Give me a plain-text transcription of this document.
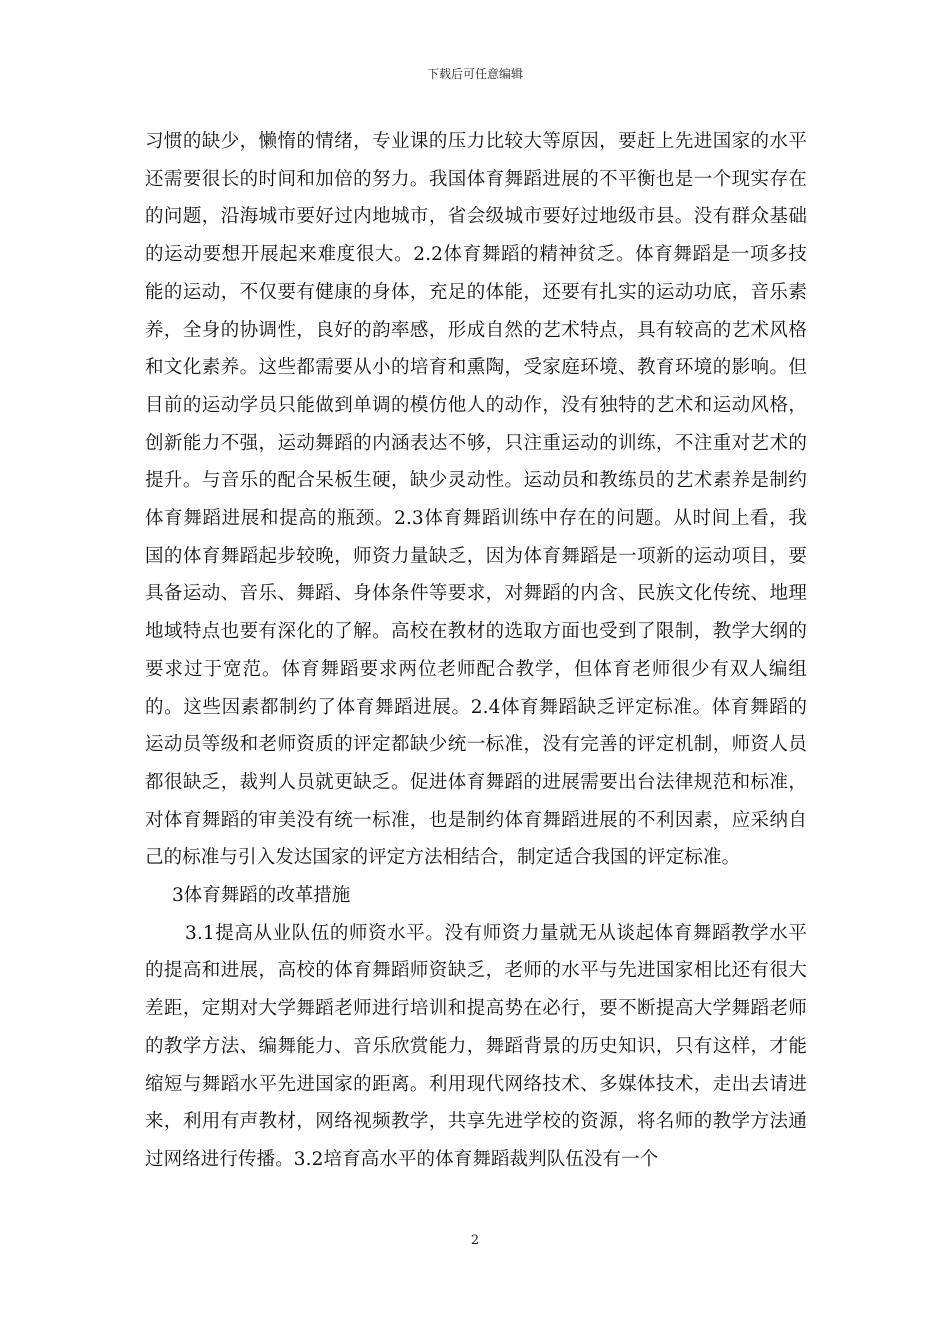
下载后可任意编辑

习惯的缺少，懒惰的情绪，专业课的压力比较大等原因，要赶上先进国家的水平还需要很长的时间和加倍的努力。我国体育舞蹈进展的不平衡也是一个现实存在的问题，沿海城市要好过内地城市，省会级城市要好过地级市县。没有群众基础的运动要想开展起来难度很大。2.2体育舞蹈的精神贫乏。体育舞蹈是一项多技能的运动，不仅要有健康的身体，充足的体能，还要有扎实的运动功底，音乐素养，全身的协调性，良好的韵率感，形成自然的艺术特点，具有较高的艺术风格和文化素养。这些都需要从小的培育和熏陶，受家庭环境、教育环境的影响。但目前的运动学员只能做到单调的模仿他人的动作，没有独特的艺术和运动风格，创新能力不强，运动舞蹈的内涵表达不够，只注重运动的训练，不注重对艺术的提升。与音乐的配合呆板生硬，缺少灵动性。运动员和教练员的艺术素养是制约体育舞蹈进展和提高的瓶颈。2.3体育舞蹈训练中存在的问题。从时间上看，我国的体育舞蹈起步较晚，师资力量缺乏，因为体育舞蹈是一项新的运动项目，要具备运动、音乐、舞蹈、身体条件等要求，对舞蹈的内含、民族文化传统、地理地域特点也要有深化的了解。高校在教材的选取方面也受到了限制，教学大纲的要求过于宽范。体育舞蹈要求两位老师配合教学，但体育老师很少有双人编组的。这些因素都制约了体育舞蹈进展。2.4体育舞蹈缺乏评定标准。体育舞蹈的运动员等级和老师资质的评定都缺少统一标准，没有完善的评定机制，师资人员都很缺乏，裁判人员就更缺乏。促进体育舞蹈的进展需要出台法律规范和标准，对体育舞蹈的审美没有统一标准，也是制约体育舞蹈进展的不利因素，应采纳自己的标准与引入发达国家的评定方法相结合，制定适合我国的评定标准。

3体育舞蹈的改革措施

3.1提高从业队伍的师资水平。没有师资力量就无从谈起体育舞蹈教学水平的提高和进展，高校的体育舞蹈师资缺乏，老师的水平与先进国家相比还有很大差距，定期对大学舞蹈老师进行培训和提高势在必行，要不断提高大学舞蹈老师的教学方法、编舞能力、音乐欣赏能力，舞蹈背景的历史知识，只有这样，才能缩短与舞蹈水平先进国家的距离。利用现代网络技术、多媒体技术，走出去请进来，利用有声教材，网络视频教学，共享先进学校的资源，将名师的教学方法通过网络进行传播。3.2培育高水平的体育舞蹈裁判队伍没有一个

2
